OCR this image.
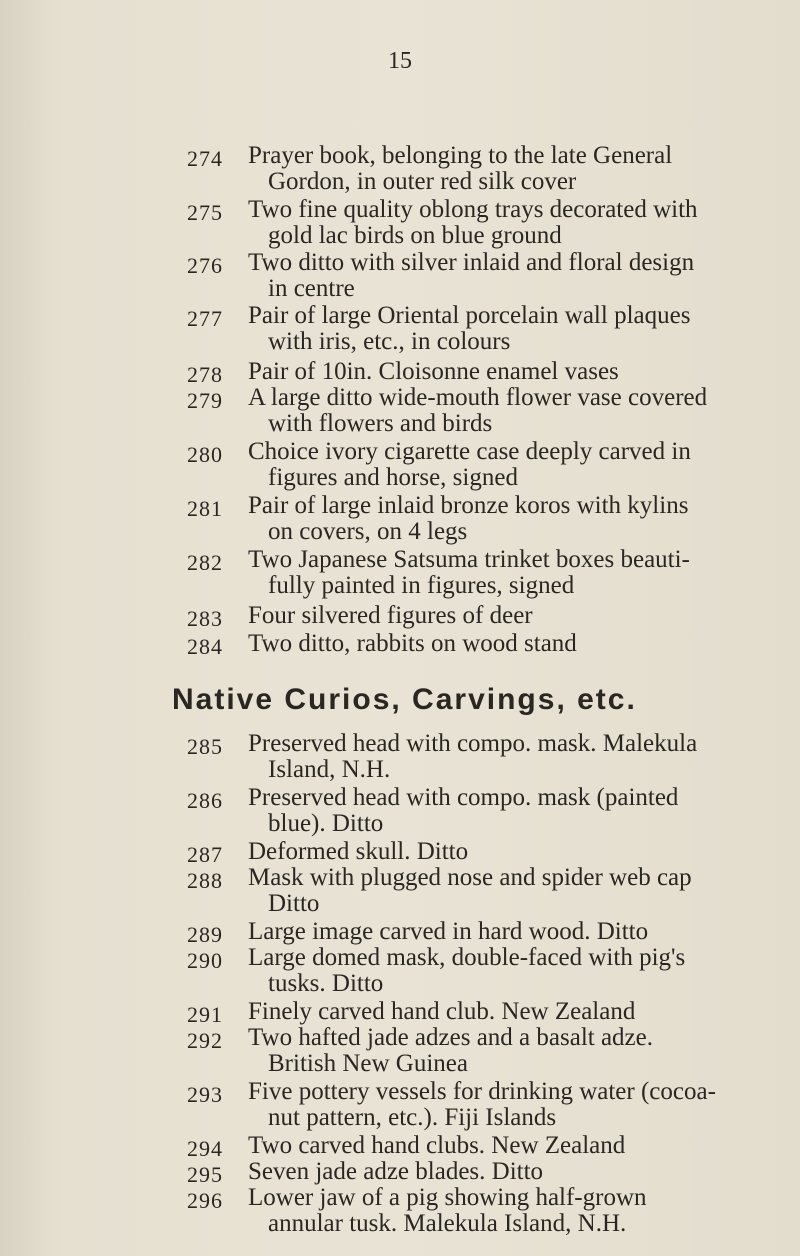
15
274 Prayer book, belonging to the late General

Gordon, in outer red silk cover

275 Two fine quality oblong trays decorated with

gold lac birds on blue ground

276 Two ditto with silver inlaid and floral design

in centre

277 Pair of large Oriental porcelain wall plaques

with iris, etc., in colours

278 Pair of 10in. Cloisonne enamel vases

279 A large ditto wide-mouth flower vase covered

with flowers and birds

280 Choice ivory cigarette case deeply carved in

figures and horse, signed

281 Pair of large inlaid bronze koros with kylins

on covers, on 4 legs

282 Two Japanese Satsuma trinket boxes beauti-

fully painted in figures, signed

283 Four silvered figures of deer

284 Two ditto, rabbits on wood stand

Native Curios, Carvings, etc.
285 Preserved head with compo. mask. Malekula

Island, N.H.

286 Preserved head with compo. mask (painted

blue). Ditto

287 Deformed skull. Ditto

288 Mask with plugged nose and spider web cap

Ditto

289 Large image carved in hard wood. Ditto

290 Large domed mask, double-faced with pig's

tusks. Ditto

291 Finely carved hand club. New Zealand

292 Two hafted jade adzes and a basalt adze.

British New Guinea

293 Five pottery vessels for drinking water (cocoa-

nut pattern, etc.). Fiji Islands

294 Two carved hand clubs. New Zealand

295 Seven jade adze blades. Ditto

296 Lower jaw of a pig showing half-grown

annular tusk. Malekula Island, N.H.
